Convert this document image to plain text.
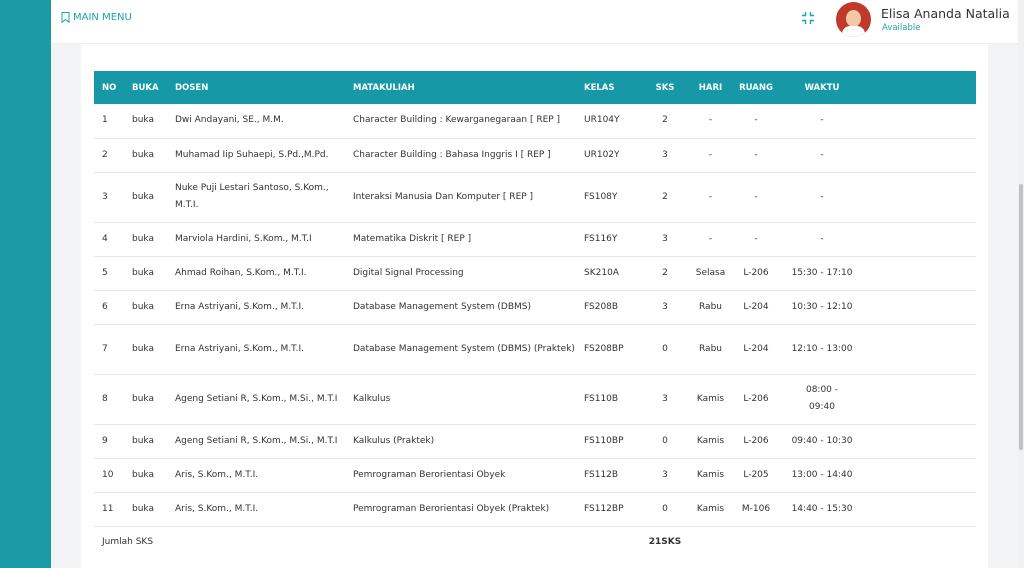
MAIN MENU	Elisa Ananda Natalia
Available
NO	BUKA	DOSEN	MATAKULIAH	KELAS	SKS	HARI	RUANG	WAKTU	
1	buka	Dwi Andayani, SE., M.M.	Character Building : Kewarganegaraan [ REP ]	UR104Y	2	-	-	-	
2	buka	Muhamad Iip Suhaepi, S.Pd.,M.Pd.	Character Building : Bahasa Inggris I [ REP ]	UR102Y	3	-	-	-	
3	buka	Nuke Puji Lestari Santoso, S.Kom., M.T.I.	Interaksi Manusia Dan Komputer [ REP ]	FS108Y	2	-	-	-	
4	buka	Marviola Hardini, S.Kom., M.T.I	Matematika Diskrit [ REP ]	FS116Y	3	-	-	-	
5	buka	Ahmad Roihan, S.Kom., M.T.I.	Digital Signal Processing	SK210A	2	Selasa	L-206	15:30 - 17:10	
6	buka	Erna Astriyani, S.Kom., M.T.I.	Database Management System (DBMS)	FS208B	3	Rabu	L-204	10:30 - 12:10	
7	buka	Erna Astriyani, S.Kom., M.T.I.	Database Management System (DBMS) (Praktek)	FS208BP	0	Rabu	L-204	12:10 - 13:00	
8	buka	Ageng Setiani R, S.Kom., M.Si., M.T.I	Kalkulus	FS110B	3	Kamis	L-206	08:00 - 09:40	
9	buka	Ageng Setiani R, S.Kom., M.Si., M.T.I	Kalkulus (Praktek)	FS110BP	0	Kamis	L-206	09:40 - 10:30	
10	buka	Aris, S.Kom., M.T.I.	Pemrograman Berorientasi Obyek	FS112B	3	Kamis	L-205	13:00 - 14:40	
11	buka	Aris, S.Kom., M.T.I.	Pemrograman Berorientasi Obyek (Praktek)	FS112BP	0	Kamis	M-106	14:40 - 15:30	
Jumlah SKS					21SKS				
